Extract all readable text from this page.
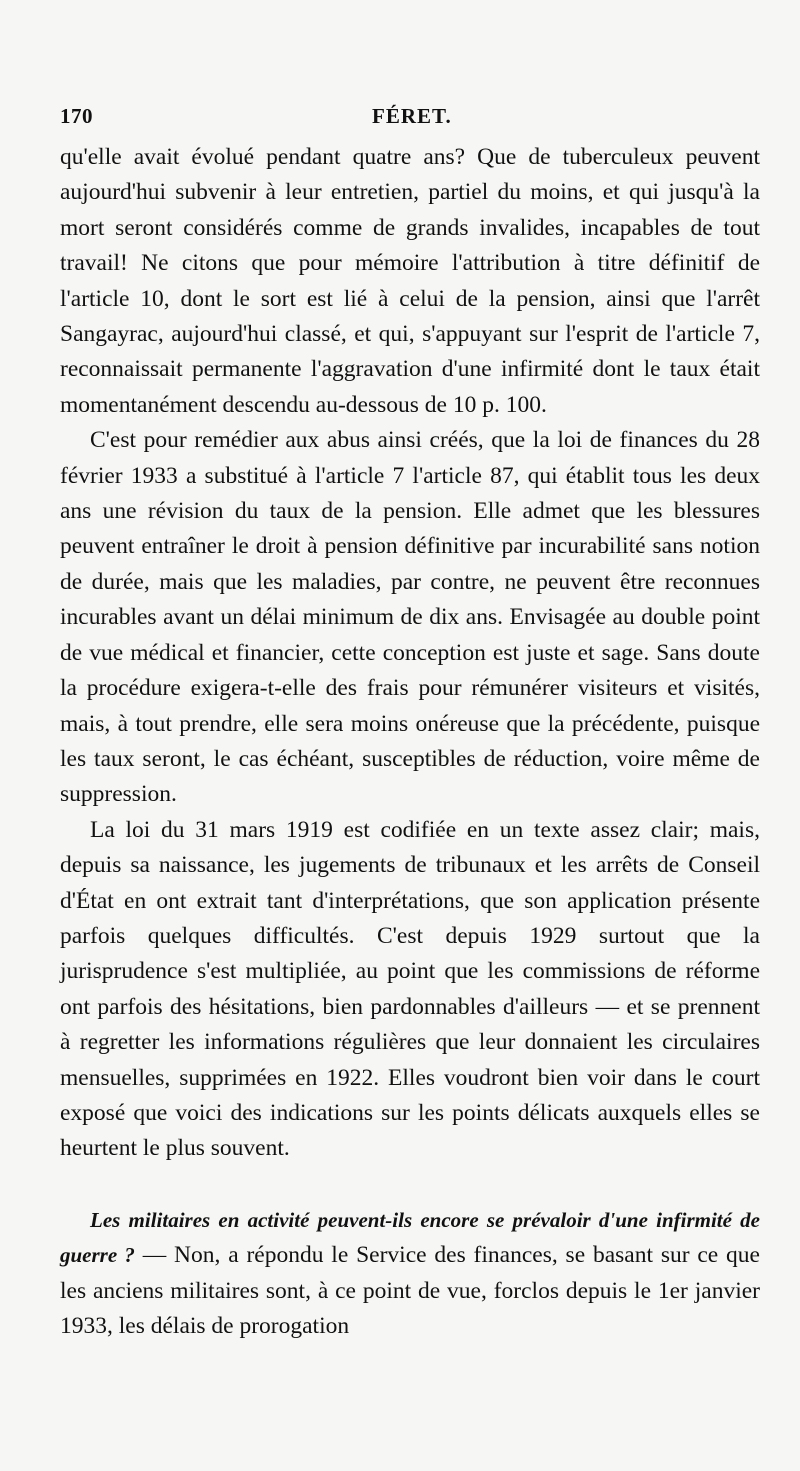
170	FÉRET.

qu'elle avait évolué pendant quatre ans? Que de tuberculeux peuvent aujourd'hui subvenir à leur entretien, partiel du moins, et qui jusqu'à la mort seront considérés comme de grands invalides, incapables de tout travail! Ne citons que pour mémoire l'attribution à titre définitif de l'article 10, dont le sort est lié à celui de la pension, ainsi que l'arrêt Sangayrac, aujourd'hui classé, et qui, s'appuyant sur l'esprit de l'article 7, reconnaissait permanente l'aggravation d'une infirmité dont le taux était momentanément descendu au-dessous de 10 p. 100.

C'est pour remédier aux abus ainsi créés, que la loi de finances du 28 février 1933 a substitué à l'article 7 l'article 87, qui établit tous les deux ans une révision du taux de la pension. Elle admet que les blessures peuvent entraîner le droit à pension définitive par incurabilité sans notion de durée, mais que les maladies, par contre, ne peuvent être reconnues incurables avant un délai minimum de dix ans. Envisagée au double point de vue médical et financier, cette conception est juste et sage. Sans doute la procédure exigera-t-elle des frais pour rémunérer visiteurs et visités, mais, à tout prendre, elle sera moins onéreuse que la précédente, puisque les taux seront, le cas échéant, susceptibles de réduction, voire même de suppression.

La loi du 31 mars 1919 est codifiée en un texte assez clair; mais, depuis sa naissance, les jugements de tribunaux et les arrêts de Conseil d'État en ont extrait tant d'interprétations, que son application présente parfois quelques difficultés. C'est depuis 1929 surtout que la jurisprudence s'est multipliée, au point que les commissions de réforme ont parfois des hésitations, bien pardonnables d'ailleurs — et se prennent à regretter les informations régulières que leur donnaient les circulaires mensuelles, supprimées en 1922. Elles voudront bien voir dans le court exposé que voici des indications sur les points délicats auxquels elles se heurtent le plus souvent.

Les militaires en activité peuvent-ils encore se prévaloir d'une infirmité de guerre ? — Non, a répondu le Service des finances, se basant sur ce que les anciens militaires sont, à ce point de vue, forclos depuis le 1er janvier 1933, les délais de prorogation
